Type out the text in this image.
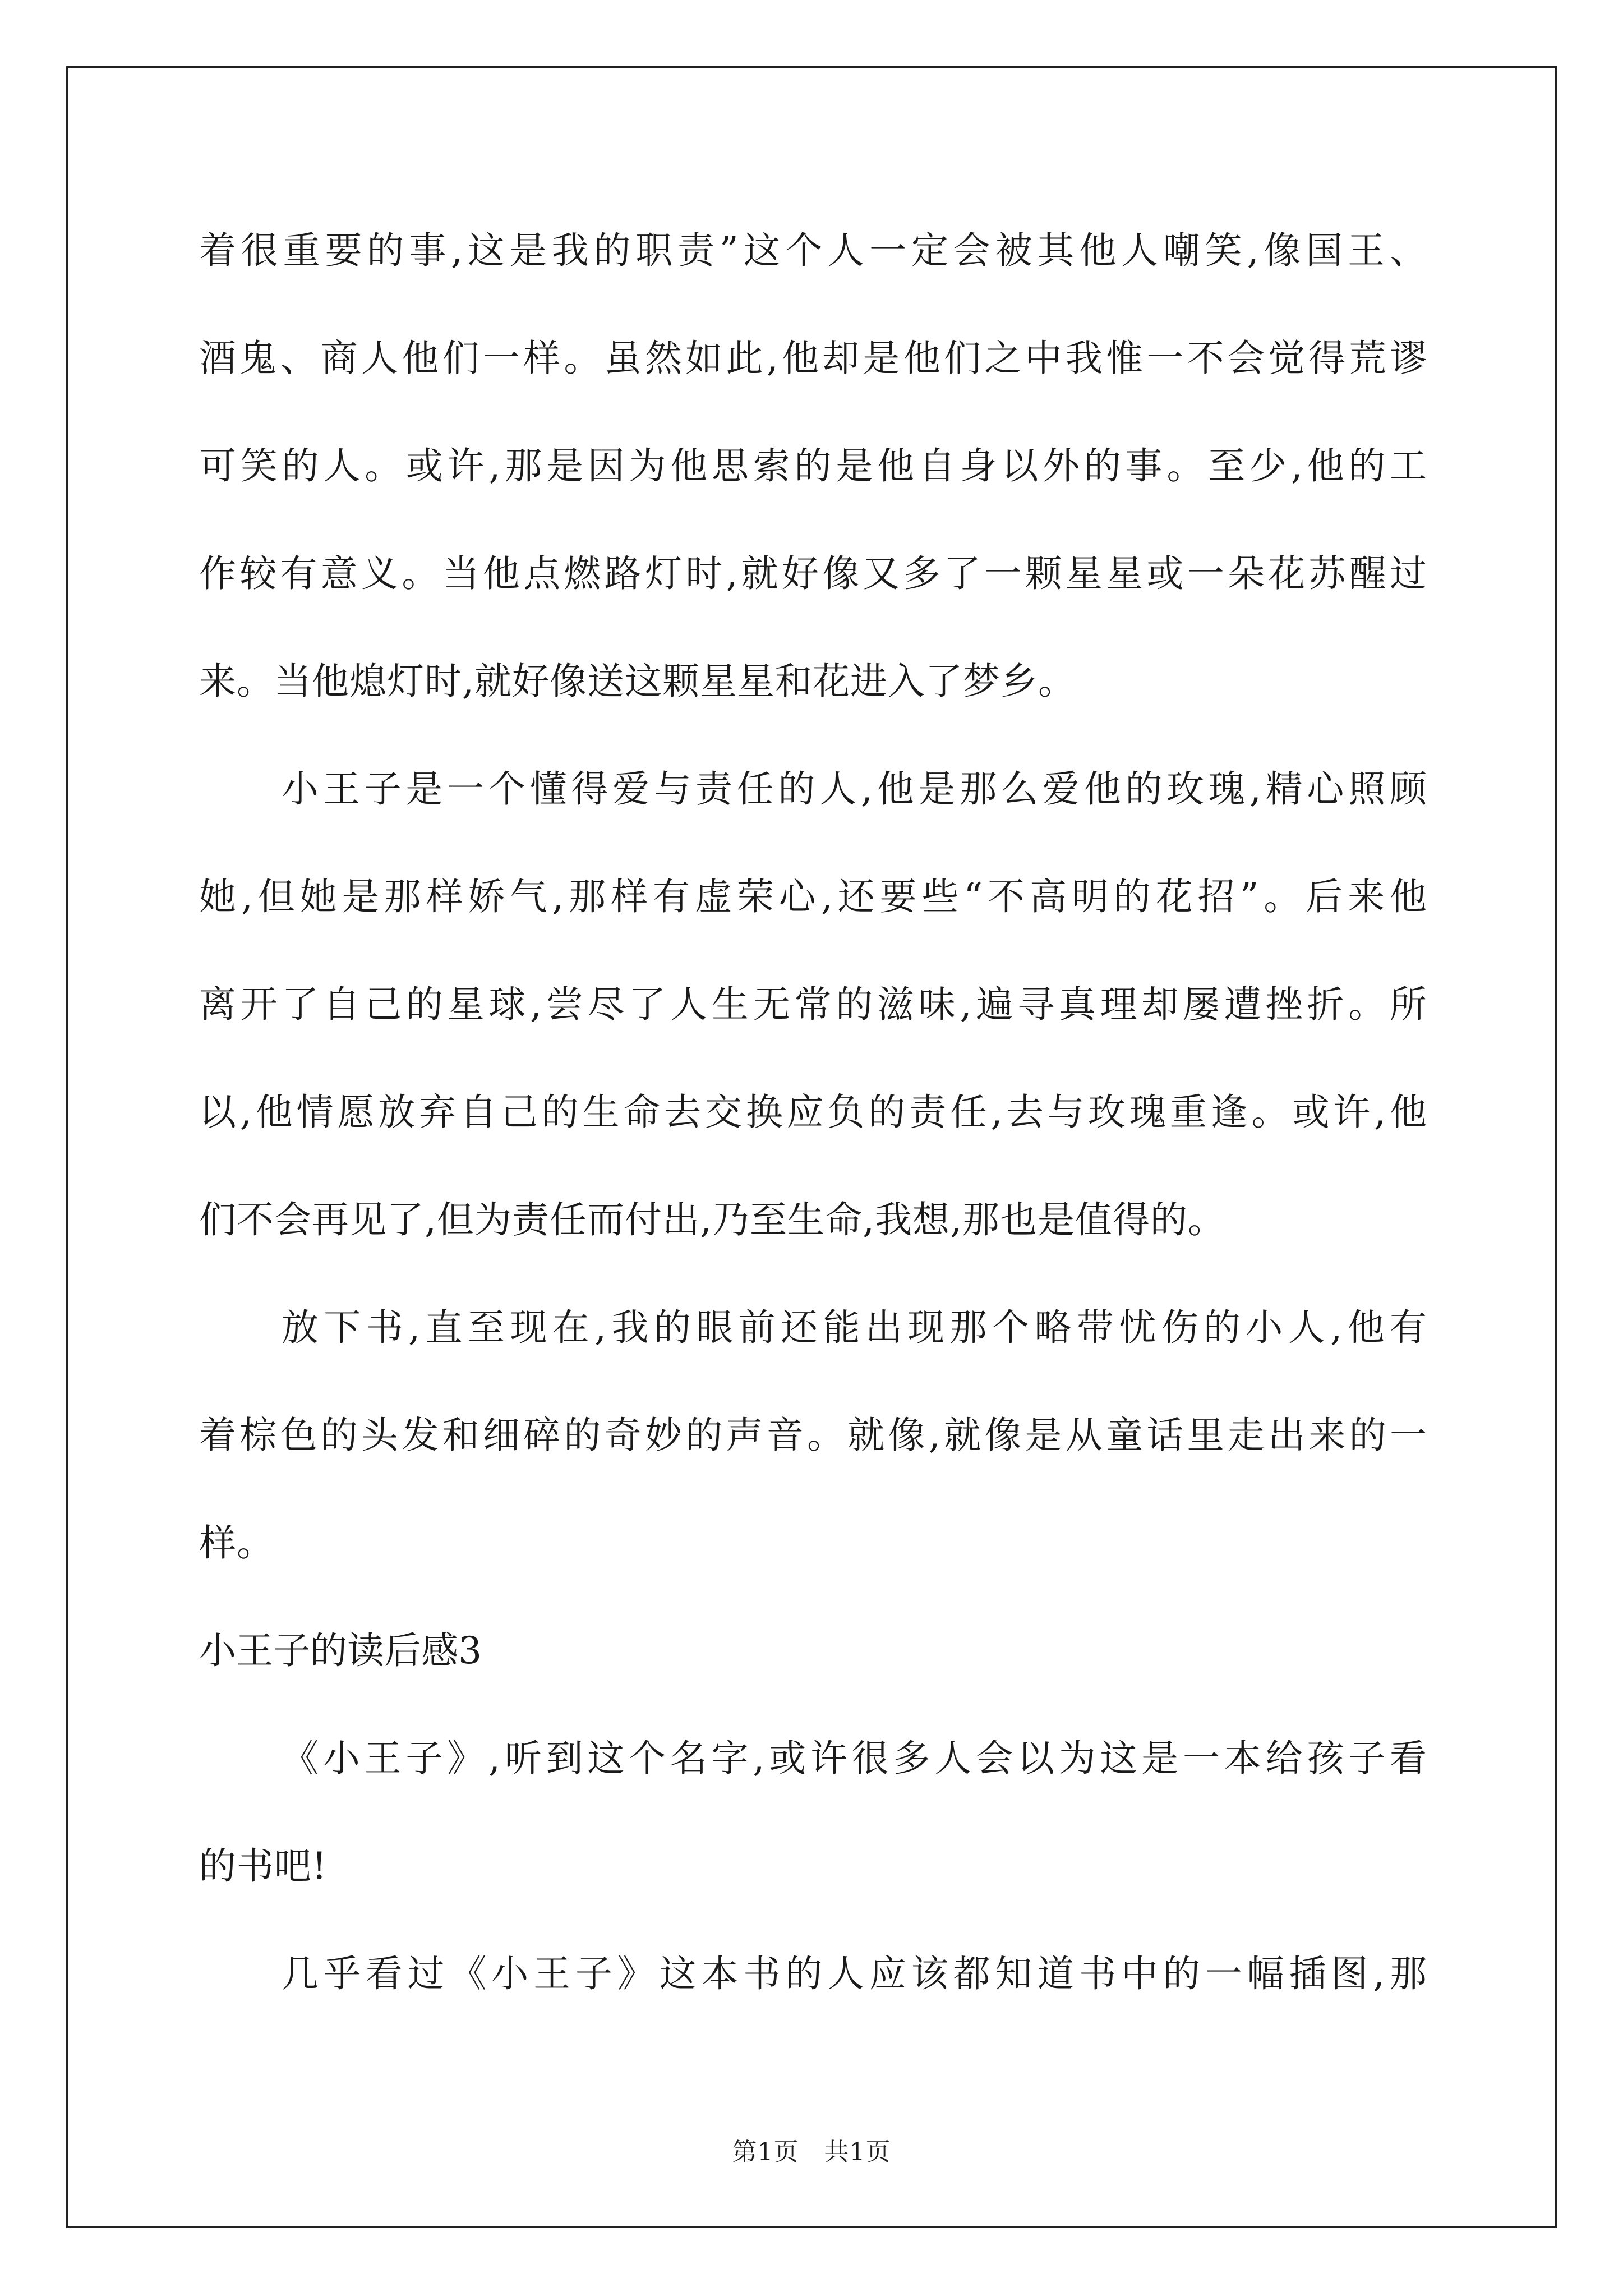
着很重要的事,这是我的职责”这个人一定会被其他人嘲笑,像国王、
酒鬼、商人他们一样。虽然如此,他却是他们之中我惟一不会觉得荒谬
可笑的人。或许,那是因为他思索的是他自身以外的事。至少,他的工
作较有意义。当他点燃路灯时,就好像又多了一颗星星或一朵花苏醒过
来。当他熄灯时,就好像送这颗星星和花进入了梦乡。
小王子是一个懂得爱与责任的人,他是那么爱他的玫瑰,精心照顾
她,但她是那样娇气,那样有虚荣心,还要些“不高明的花招”。后来他
离开了自己的星球,尝尽了人生无常的滋味,遍寻真理却屡遭挫折。所
以,他情愿放弃自己的生命去交换应负的责任,去与玫瑰重逢。或许,他
们不会再见了,但为责任而付出,乃至生命,我想,那也是值得的。
放下书,直至现在,我的眼前还能出现那个略带忧伤的小人,他有
着棕色的头发和细碎的奇妙的声音。就像,就像是从童话里走出来的一
样。
小王子的读后感3
《小王子》,听到这个名字,或许很多人会以为这是一本给孩子看
的书吧!
几乎看过《小王子》这本书的人应该都知道书中的一幅插图,那
第1页　共1页
